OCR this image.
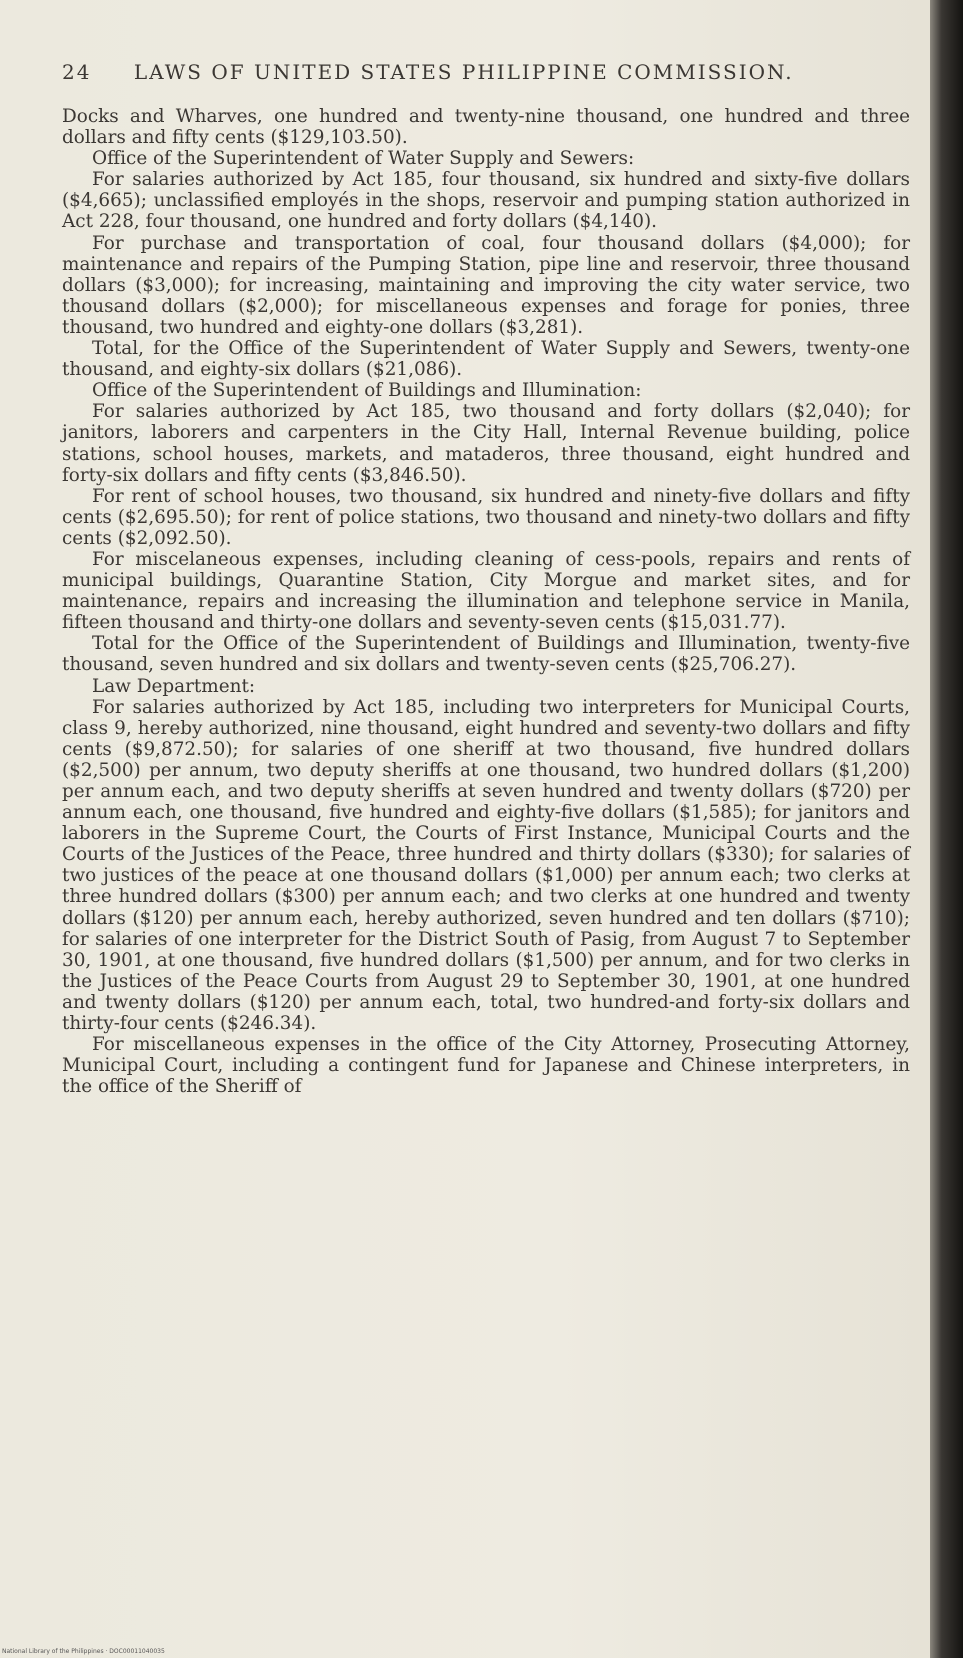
24 LAWS OF UNITED STATES PHILIPPINE COMMISSION.

Docks and Wharves, one hundred and twenty-nine thousand, one hundred and three dollars and fifty cents ($129,103.50).

Office of the Superintendent of Water Supply and Sewers:

For salaries authorized by Act 185, four thousand, six hundred and sixty-five dollars ($4,665); unclassified employés in the shops, reservoir and pumping station authorized in Act 228, four thousand, one hundred and forty dollars ($4,140).

For purchase and transportation of coal, four thousand dollars ($4,000); for maintenance and repairs of the Pumping Station, pipe line and reservoir, three thousand dollars ($3,000); for increasing, maintaining and improving the city water service, two thousand dollars ($2,000); for miscellaneous expenses and forage for ponies, three thousand, two hundred and eighty-one dollars ($3,281).

Total, for the Office of the Superintendent of Water Supply and Sewers, twenty-one thousand, and eighty-six dollars ($21,086).

Office of the Superintendent of Buildings and Illumination:

For salaries authorized by Act 185, two thousand and forty dollars ($2,040); for janitors, laborers and carpenters in the City Hall, Internal Revenue building, police stations, school houses, markets, and mataderos, three thousand, eight hundred and forty-six dollars and fifty cents ($3,846.50).

For rent of school houses, two thousand, six hundred and ninety-five dollars and fifty cents ($2,695.50); for rent of police stations, two thousand and ninety-two dollars and fifty cents ($2,092.50).

For miscelaneous expenses, including cleaning of cess-pools, repairs and rents of municipal buildings, Quarantine Station, City Morgue and market sites, and for maintenance, repairs and increasing the illumination and telephone service in Manila, fifteen thousand and thirty-one dollars and seventy-seven cents ($15,031.77).

Total for the Office of the Superintendent of Buildings and Illumination, twenty-five thousand, seven hundred and six dollars and twenty-seven cents ($25,706.27).

Law Department:

For salaries authorized by Act 185, including two interpreters for Municipal Courts, class 9, hereby authorized, nine thousand, eight hundred and seventy-two dollars and fifty cents ($9,872.50); for salaries of one sheriff at two thousand, five hundred dollars ($2,500) per annum, two deputy sheriffs at one thousand, two hundred dollars ($1,200) per annum each, and two deputy sheriffs at seven hundred and twenty dollars ($720) per annum each, one thousand, five hundred and eighty-five dollars ($1,585); for janitors and laborers in the Supreme Court, the Courts of First Instance, Municipal Courts and the Courts of the Justices of the Peace, three hundred and thirty dollars ($330); for salaries of two justices of the peace at one thousand dollars ($1,000) per annum each; two clerks at three hundred dollars ($300) per annum each; and two clerks at one hundred and twenty dollars ($120) per annum each, hereby authorized, seven hundred and ten dollars ($710); for salaries of one interpreter for the District South of Pasig, from August 7 to September 30, 1901, at one thousand, five hundred dollars ($1,500) per annum, and for two clerks in the Justices of the Peace Courts from August 29 to September 30, 1901, at one hundred and twenty dollars ($120) per annum each, total, two hundred-and forty-six dollars and thirty-four cents ($246.34).

For miscellaneous expenses in the office of the City Attorney, Prosecuting Attorney, Municipal Court, including a contingent fund for Japanese and Chinese interpreters, in the office of the Sheriff of

National Library of the Philippines · DOC00011040035
